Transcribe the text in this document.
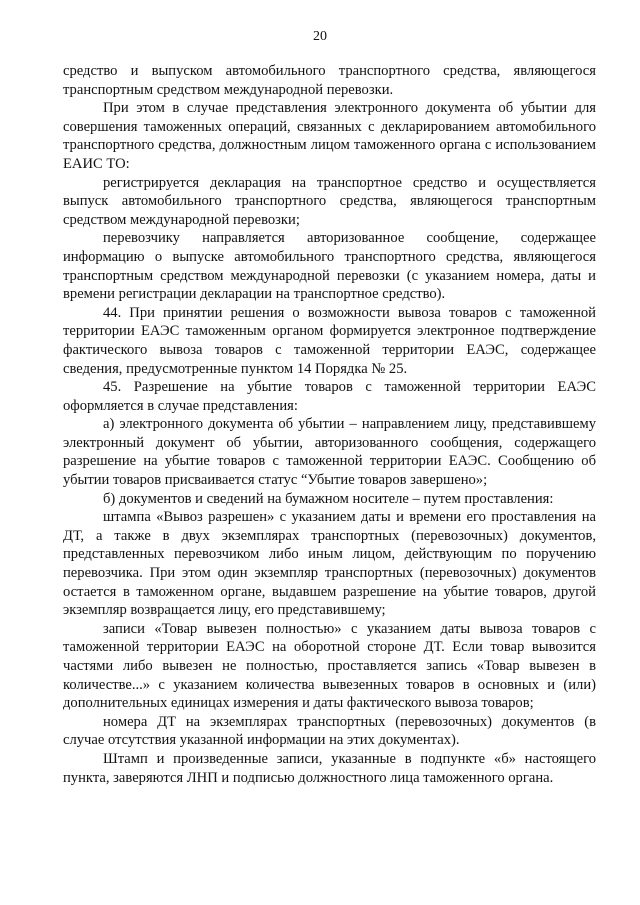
20

средство и выпуском автомобильного транспортного средства, являющегося транспортным средством международной перевозки.

При этом в случае представления электронного документа об убытии для совершения таможенных операций, связанных с декларированием автомобильного транспортного средства, должностным лицом таможенного органа с использованием ЕАИС ТО:

регистрируется декларация на транспортное средство и осуществляется выпуск автомобильного транспортного средства, являющегося транспортным средством международной перевозки;

перевозчику направляется авторизованное сообщение, содержащее информацию о выпуске автомобильного транспортного средства, являющегося транспортным средством международной перевозки (с указанием номера, даты и времени регистрации декларации на транспортное средство).

44. При принятии решения о возможности вывоза товаров с таможенной территории ЕАЭС таможенным органом формируется электронное подтверждение фактического вывоза товаров с таможенной территории ЕАЭС, содержащее сведения, предусмотренные пунктом 14 Порядка № 25.

45. Разрешение на убытие товаров с таможенной территории ЕАЭС оформляется в случае представления:

а) электронного документа об убытии – направлением лицу, представившему электронный документ об убытии, авторизованного сообщения, содержащего разрешение на убытие товаров с таможенной территории ЕАЭС. Сообщению об убытии товаров присваивается статус “Убытие товаров завершено»;

б) документов и сведений на бумажном носителе – путем проставления:

штампа «Вывоз разрешен» с указанием даты и времени его проставления на ДТ, а также в двух экземплярах транспортных (перевозочных) документов, представленных перевозчиком либо иным лицом, действующим по поручению перевозчика. При этом один экземпляр транспортных (перевозочных) документов остается в таможенном органе, выдавшем разрешение на убытие товаров, другой экземпляр возвращается лицу, его представившему;

записи «Товар вывезен полностью» с указанием даты вывоза товаров с таможенной территории ЕАЭС на оборотной стороне ДТ. Если товар вывозится частями либо вывезен не полностью, проставляется запись «Товар вывезен в количестве...» с указанием количества вывезенных товаров в основных и (или) дополнительных единицах измерения и даты фактического вывоза товаров;

номера ДТ на экземплярах транспортных (перевозочных) документов (в случае отсутствия указанной информации на этих документах).

Штамп и произведенные записи, указанные в подпункте «б» настоящего пункта, заверяются ЛНП и подписью должностного лица таможенного органа.
